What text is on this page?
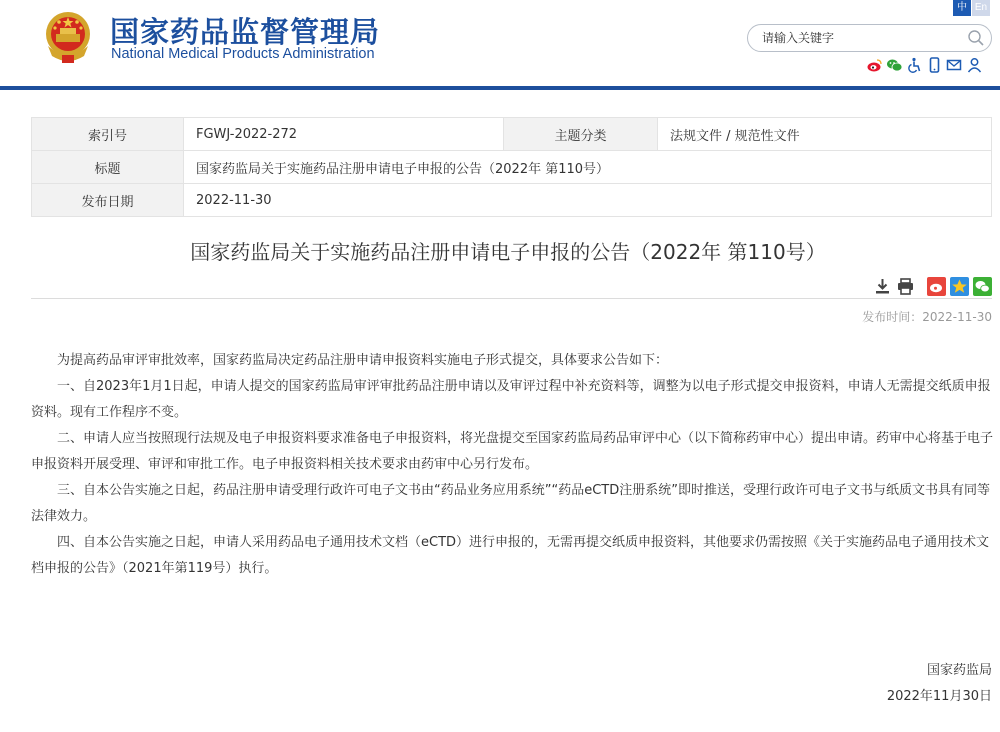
国家药品监督管理局
National Medical Products Administration
中 En
请输入关键字
索引号	FGWJ-2022-272	主题分类	法规文件 / 规范性文件
标题	国家药监局关于实施药品注册申请电子申报的公告（2022年 第110号）		
发布日期	2022-11-30		
国家药监局关于实施药品注册申请电子申报的公告（2022年 第110号）
发布时间：2022-11-30

为提高药品审评审批效率，国家药监局决定药品注册申请申报资料实施电子形式提交，具体要求公告如下：

一、自2023年1月1日起，申请人提交的国家药监局审评审批药品注册申请以及审评过程中补充资料等，调整为以电子形式提交申报资料，申请人无需提交纸质申报资料。现有工作程序不变。

二、申请人应当按照现行法规及电子申报资料要求准备电子申报资料，将光盘提交至国家药监局药品审评中心（以下简称药审中心）提出申请。药审中心将基于电子申报资料开展受理、审评和审批工作。电子申报资料相关技术要求由药审中心另行发布。

三、自本公告实施之日起，药品注册申请受理行政许可电子文书由“药品业务应用系统”“药品eCTD注册系统”即时推送，受理行政许可电子文书与纸质文书具有同等法律效力。

四、自本公告实施之日起，申请人采用药品电子通用技术文档（eCTD）进行申报的，无需再提交纸质申报资料，其他要求仍需按照《关于实施药品电子通用技术文档申报的公告》（2021年第119号）执行。

国家药监局
2022年11月30日
